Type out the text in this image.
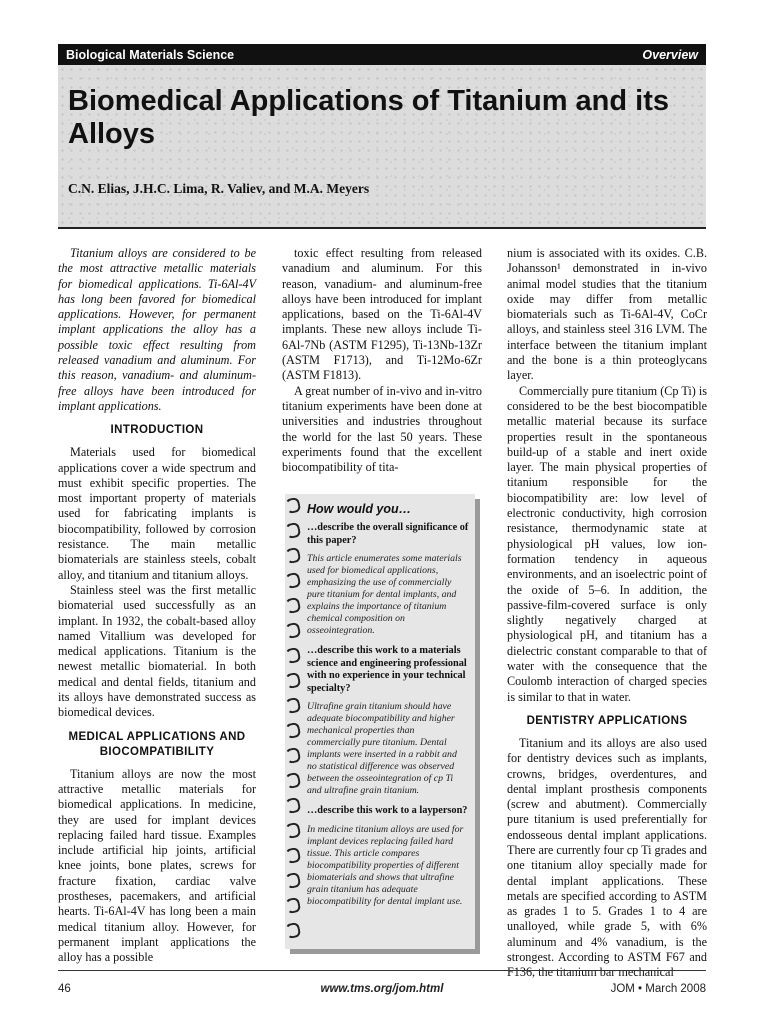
Biological Materials Science	Overview
Biomedical Applications of Titanium and its Alloys
C.N. Elias, J.H.C. Lima, R. Valiev, and M.A. Meyers

Titanium alloys are considered to be the most attractive metallic materials for biomedical applications. Ti-6Al-4V has long been favored for biomedical applications. However, for permanent implant applications the alloy has a possible toxic effect resulting from released vanadium and aluminum. For this reason, vanadium- and aluminum-free alloys have been introduced for implant applications.

INTRODUCTION

Materials used for biomedical applications cover a wide spectrum and must exhibit specific properties. The most important property of materials used for fabricating implants is biocompatibility, followed by corrosion resistance. The main metallic biomaterials are stainless steels, cobalt alloy, and titanium and titanium alloys.

Stainless steel was the first metallic biomaterial used successfully as an implant. In 1932, the cobalt-based alloy named Vitallium was developed for medical applications. Titanium is the newest metallic biomaterial. In both medical and dental fields, titanium and its alloys have demonstrated success as biomedical devices.

MEDICAL APPLICATIONS AND BIOCOMPATIBILITY

Titanium alloys are now the most attractive metallic materials for biomedical applications. In medicine, they are used for implant devices replacing failed hard tissue. Examples include artificial hip joints, artificial knee joints, bone plates, screws for fracture fixation, cardiac valve prostheses, pacemakers, and artificial hearts. Ti-6Al-4V has long been a main medical titanium alloy. However, for permanent implant applications the alloy has a possible

toxic effect resulting from released vanadium and aluminum. For this reason, vanadium- and aluminum-free alloys have been introduced for implant applications, based on the Ti-6Al-4V implants. These new alloys include Ti-6Al-7Nb (ASTM F1295), Ti-13Nb-13Zr (ASTM F1713), and Ti-12Mo-6Zr (ASTM F1813).

A great number of in-vivo and in-vitro titanium experiments have been done at universities and industries throughout the world for the last 50 years. These experiments found that the excellent biocompatibility of tita-

How would you…
…describe the overall significance of this paper?
This article enumerates some materials used for biomedical applications, emphasizing the use of commercially pure titanium for dental implants, and explains the importance of titanium chemical composition on osseointegration.
…describe this work to a materials science and engineering professional with no experience in your technical specialty?
Ultrafine grain titanium should have adequate biocompatibility and higher mechanical properties than commercially pure titanium. Dental implants were inserted in a rabbit and no statistical difference was observed between the osseointegration of cp Ti and ultrafine grain titanium.
…describe this work to a layperson?
In medicine titanium alloys are used for implant devices replacing failed hard tissue. This article compares biocompatibility properties of different biomaterials and shows that ultrafine grain titanium has adequate biocompatibility for dental implant use.

nium is associated with its oxides. C.B. Johansson¹ demonstrated in in-vivo animal model studies that the titanium oxide may differ from metallic biomaterials such as Ti-6Al-4V, CoCr alloys, and stainless steel 316 LVM. The interface between the titanium implant and the bone is a thin proteoglycans layer.

Commercially pure titanium (Cp Ti) is considered to be the best biocompatible metallic material because its surface properties result in the spontaneous build-up of a stable and inert oxide layer. The main physical properties of titanium responsible for the biocompatibility are: low level of electronic conductivity, high corrosion resistance, thermodynamic state at physiological pH values, low ion-formation tendency in aqueous environments, and an isoelectric point of the oxide of 5–6. In addition, the passive-film-covered surface is only slightly negatively charged at physiological pH, and titanium has a dielectric constant comparable to that of water with the consequence that the Coulomb interaction of charged species is similar to that in water.

DENTISTRY APPLICATIONS

Titanium and its alloys are also used for dentistry devices such as implants, crowns, bridges, overdentures, and dental implant prosthesis components (screw and abutment). Commercially pure titanium is used preferentially for endosseous dental implant applications. There are currently four cp Ti grades and one titanium alloy specially made for dental implant applications. These metals are specified according to ASTM as grades 1 to 5. Grades 1 to 4 are unalloyed, while grade 5, with 6% aluminum and 4% vanadium, is the strongest. According to ASTM F67 and F136, the titanium bar mechanical

46	www.tms.org/jom.html	JOM • March 2008
